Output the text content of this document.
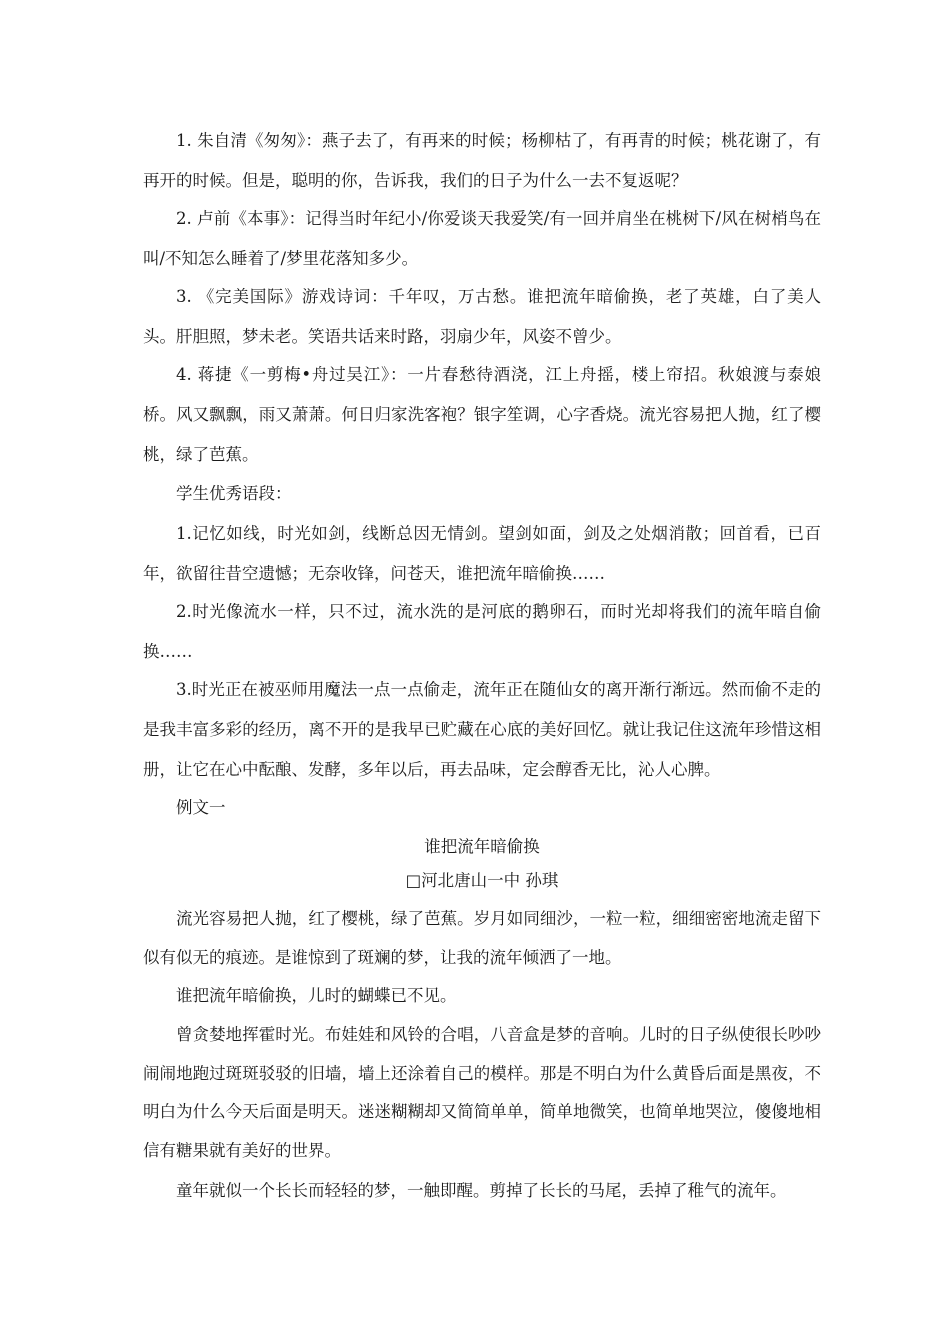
1. 朱自清《匆匆》：燕子去了，有再来的时候；杨柳枯了，有再青的时候；桃花谢了，有再开的时候。但是，聪明的你，告诉我，我们的日子为什么一去不复返呢？

2. 卢前《本事》：记得当时年纪小/你爱谈天我爱笑/有一回并肩坐在桃树下/风在树梢鸟在叫/不知怎么睡着了/梦里花落知多少。

3. 《完美国际》游戏诗词：千年叹，万古愁。谁把流年暗偷换，老了英雄，白了美人头。肝胆照，梦未老。笑语共话来时路，羽扇少年，风姿不曾少。

4. 蒋捷《一剪梅•舟过吴江》：一片春愁待酒浇，江上舟摇，楼上帘招。秋娘渡与泰娘桥。风又飘飘，雨又萧萧。何日归家洗客袍？银字笙调，心字香烧。流光容易把人抛，红了樱桃，绿了芭蕉。

学生优秀语段：

1.记忆如线，时光如剑，线断总因无情剑。望剑如面，剑及之处烟消散；回首看，已百年，欲留往昔空遗憾；无奈收锋，问苍天，谁把流年暗偷换……

2.时光像流水一样，只不过，流水洗的是河底的鹅卵石，而时光却将我们的流年暗自偷换……

3.时光正在被巫师用魔法一点一点偷走，流年正在随仙女的离开渐行渐远。然而偷不走的是我丰富多彩的经历，离不开的是我早已贮藏在心底的美好回忆。就让我记住这流年珍惜这相册，让它在心中酝酿、发酵，多年以后，再去品味，定会醇香无比，沁人心脾。

例文一

谁把流年暗偷换

□河北唐山一中 孙琪

流光容易把人抛，红了樱桃，绿了芭蕉。岁月如同细沙，一粒一粒，细细密密地流走留下似有似无的痕迹。是谁惊到了斑斓的梦，让我的流年倾洒了一地。

谁把流年暗偷换，儿时的蝴蝶已不见。

曾贪婪地挥霍时光。布娃娃和风铃的合唱，八音盒是梦的音响。儿时的日子纵使很长吵吵闹闹地跑过斑斑驳驳的旧墙，墙上还涂着自己的模样。那是不明白为什么黄昏后面是黑夜，不明白为什么今天后面是明天。迷迷糊糊却又简简单单，简单地微笑，也简单地哭泣，傻傻地相信有糖果就有美好的世界。

童年就似一个长长而轻轻的梦，一触即醒。剪掉了长长的马尾，丢掉了稚气的流年。
